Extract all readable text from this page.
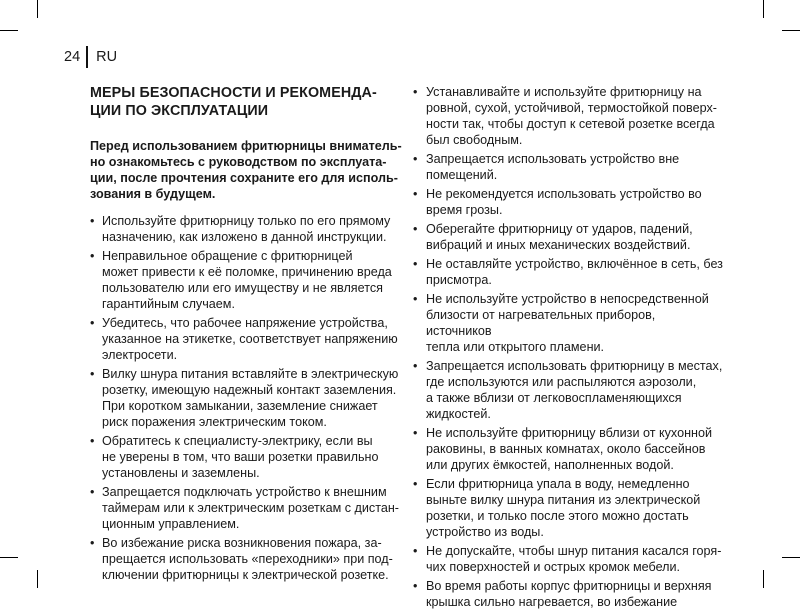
24 RU
МЕРЫ БЕЗОПАСНОСТИ И РЕКОМЕНДА-
ЦИИ ПО ЭКСПЛУАТАЦИИ

Перед использованием фритюрницы вниматель-
но ознакомьтесь с руководством по эксплуата-
ции, после прочтения сохраните его для исполь-
зования в будущем.

• Используйте фритюрницу только по его прямому
назначению, как изложено в данной инструкции.
• Неправильное обращение с фритюрницей
может привести к её поломке, причинению вреда
пользователю или его имуществу и не является
гарантийным случаем.
• Убедитесь, что рабочее напряжение устройства,
указанное на этикетке, соответствует напряжению
электросети.
• Вилку шнура питания вставляйте в электрическую
розетку, имеющую надежный контакт заземления.
При коротком замыкании, заземление снижает
риск поражения электрическим током.
• Обратитесь к специалисту-электрику, если вы
не уверены в том, что ваши розетки правильно
установлены и заземлены.
• Запрещается подключать устройство к внешним
таймерам или к электрическим розеткам с дистан-
ционным управлением.
• Во избежание риска возникновения пожара, за-
прещается использовать «переходники» при под-
ключении фритюрницы к электрической розетке.
• Устанавливайте и используйте фритюрницу на
ровной, сухой, устойчивой, термостойкой поверх-
ности так, чтобы доступ к сетевой розетке всегда
был свободным.
• Запрещается использовать устройство вне
помещений.
• Не рекомендуется использовать устройство во
время грозы.
• Оберегайте фритюрницу от ударов, падений,
вибраций и иных механических воздействий.
• Не оставляйте устройство, включённое в сеть, без
присмотра.
• Не используйте устройство в непосредственной
близости от нагревательных приборов, источников
тепла или открытого пламени.
• Запрещается использовать фритюрницу в местах,
где используются или распыляются аэрозоли,
а также вблизи от легковоспламеняющихся
жидкостей.
• Не используйте фритюрницу вблизи от кухонной
раковины, в ванных комнатах, около бассейнов
или других ёмкостей, наполненных водой.
• Если фритюрница упала в воду, немедленно
выньте вилку шнура питания из электрической
розетки, и только после этого можно достать
устройство из воды.
• Не допускайте, чтобы шнур питания касался горя-
чих поверхностей и острых кромок мебели.
• Во время работы корпус фритюрницы и верхняя
крышка сильно нагревается, во избежание
